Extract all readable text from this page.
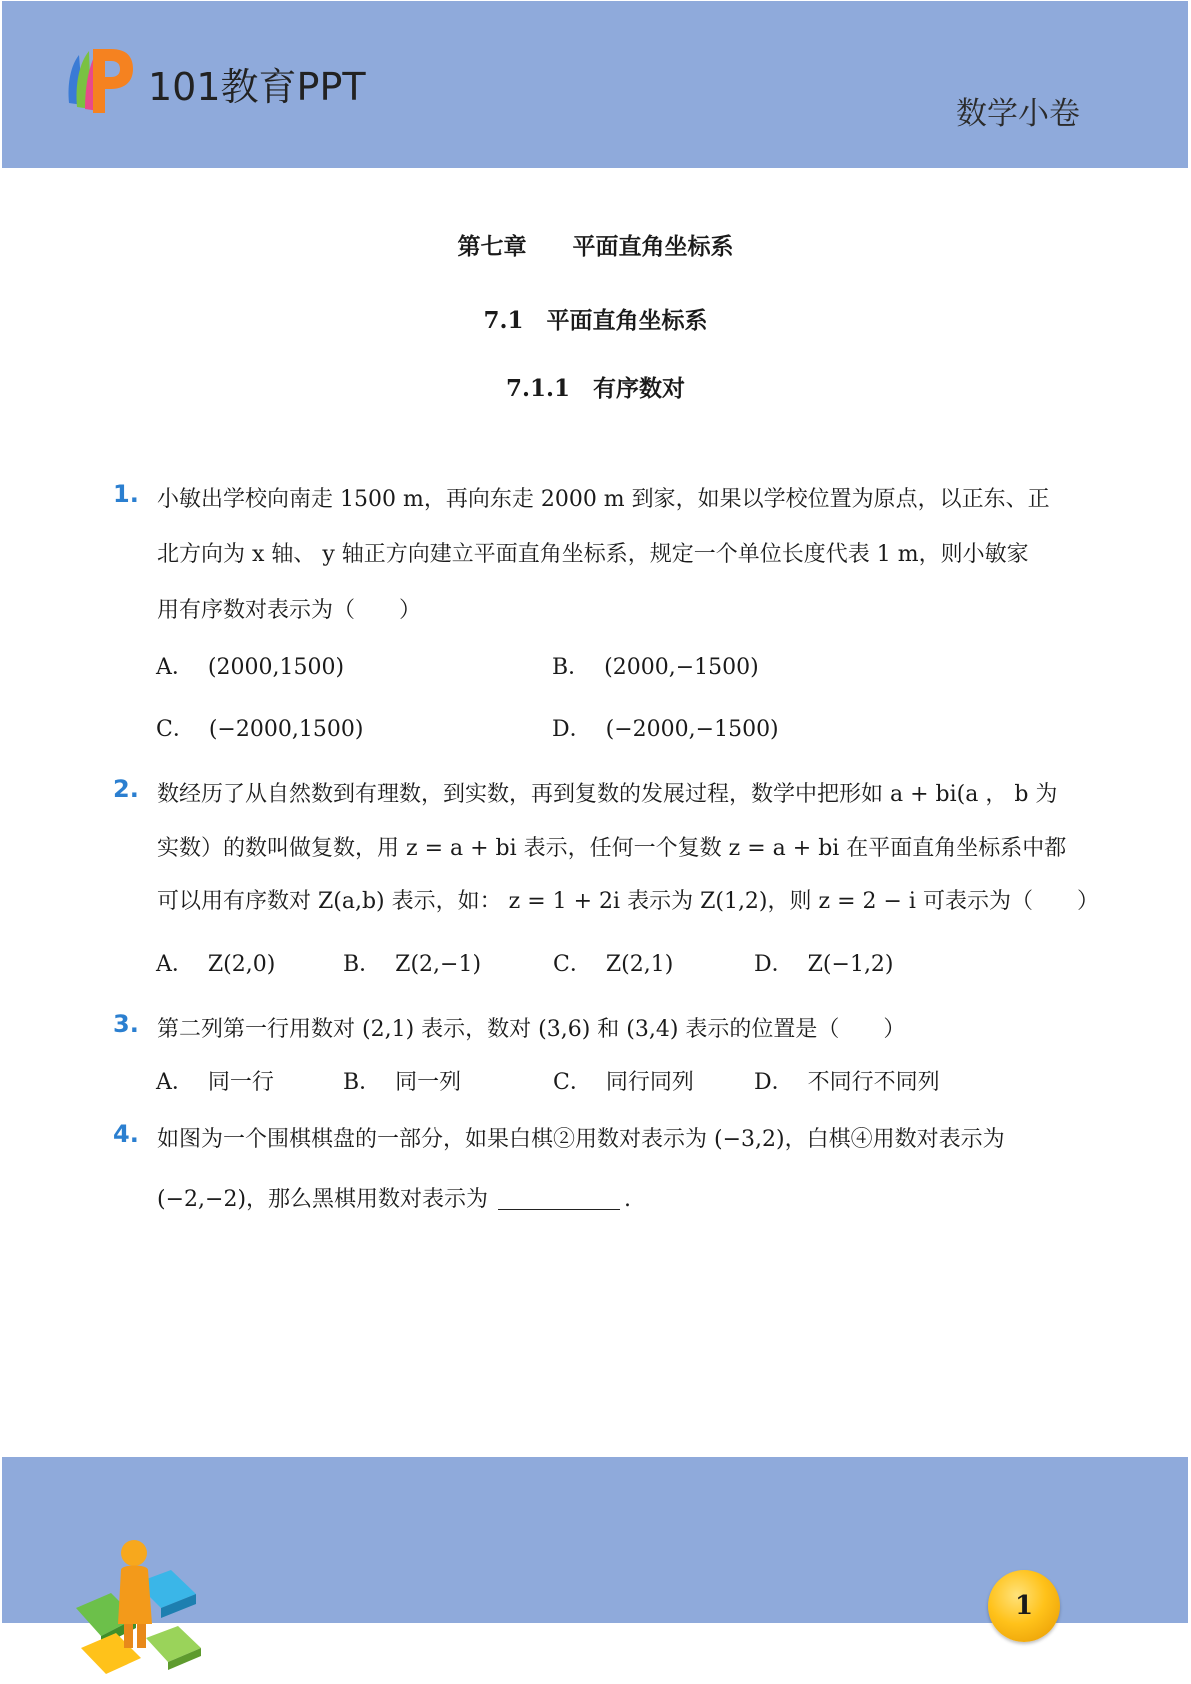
101教育PPT
数学小卷
第七章　　平面直角坐标系
7.1　平面直角坐标系
7.1.1　有序数对
1. 小敏出学校向南走 1500 m，再向东走 2000 m 到家，如果以学校位置为原点，以正东、正
北方向为 x 轴、 y 轴正方向建立平面直角坐标系，规定一个单位长度代表 1 m，则小敏家
用有序数对表示为（　　）
A． (2000,1500)	B． (2000,−1500)
C． (−2000,1500)	D． (−2000,−1500)
2. 数经历了从自然数到有理数，到实数，再到复数的发展过程，数学中把形如 a + bi(a ， b 为
实数）的数叫做复数，用 z = a + bi 表示，任何一个复数 z = a + bi 在平面直角坐标系中都
可以用有序数对 Z(a,b) 表示，如： z = 1 + 2i 表示为 Z(1,2)，则 z = 2 − i 可表示为（　　）
A． Z(2,0)	B． Z(2,−1)	C． Z(2,1)	D． Z(−1,2)
3. 第二列第一行用数对 (2,1) 表示，数对 (3,6) 和 (3,4) 表示的位置是（　　）
A． 同一行	B． 同一列	C． 同行同列	D． 不同行不同列
4. 如图为一个围棋棋盘的一部分，如果白棋②用数对表示为 (−3,2)，白棋④用数对表示为
(−2,−2)，那么黑棋用数对表示为	.
1
